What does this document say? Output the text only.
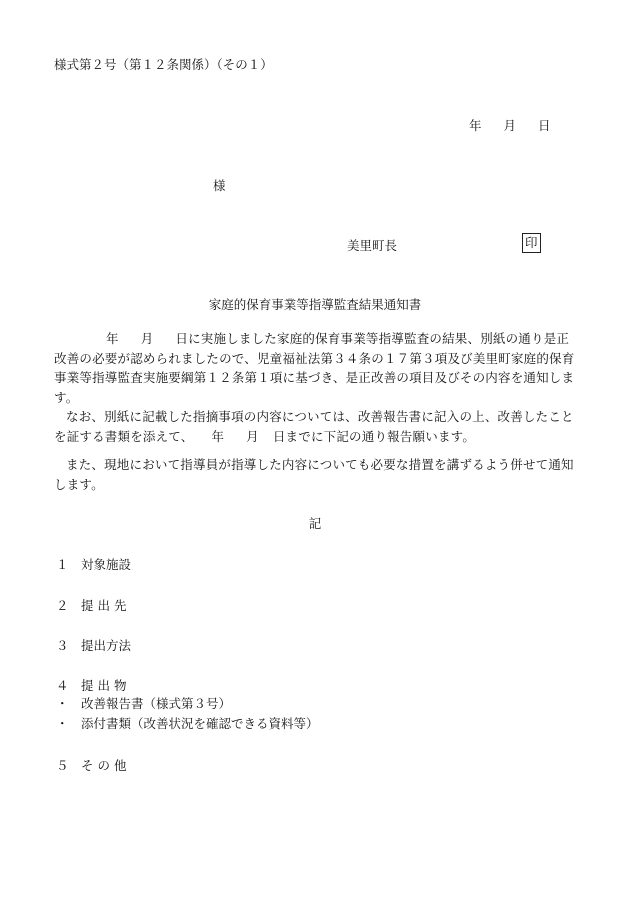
様式第２号（第１２条関係）（その１）
年 月 日
様
美里町長	印
家庭的保育事業等指導監査結果通知書
年 月 日に実施しました家庭的保育事業等指導監査の結果、別紙の通り是正改善の必要が認められましたので、児童福祉法第３４条の１７第３項及び美里町家庭的保育事業等指導監査実施要綱第１２条第１項に基づき、是正改善の項目及びその内容を通知します。
なお、別紙に記載した指摘事項の内容については、改善報告書に記入の上、改善したことを証する書類を添えて、 年 月 日までに下記の通り報告願います。
また、現地において指導員が指導した内容についても必要な措置を講ずるよう併せて通知します。
記
１ 対象施設
２ 提 出 先
３ 提出方法
４ 提 出 物
・ 改善報告書（様式第３号）
・ 添付書類（改善状況を確認できる資料等）
５ そ の 他
